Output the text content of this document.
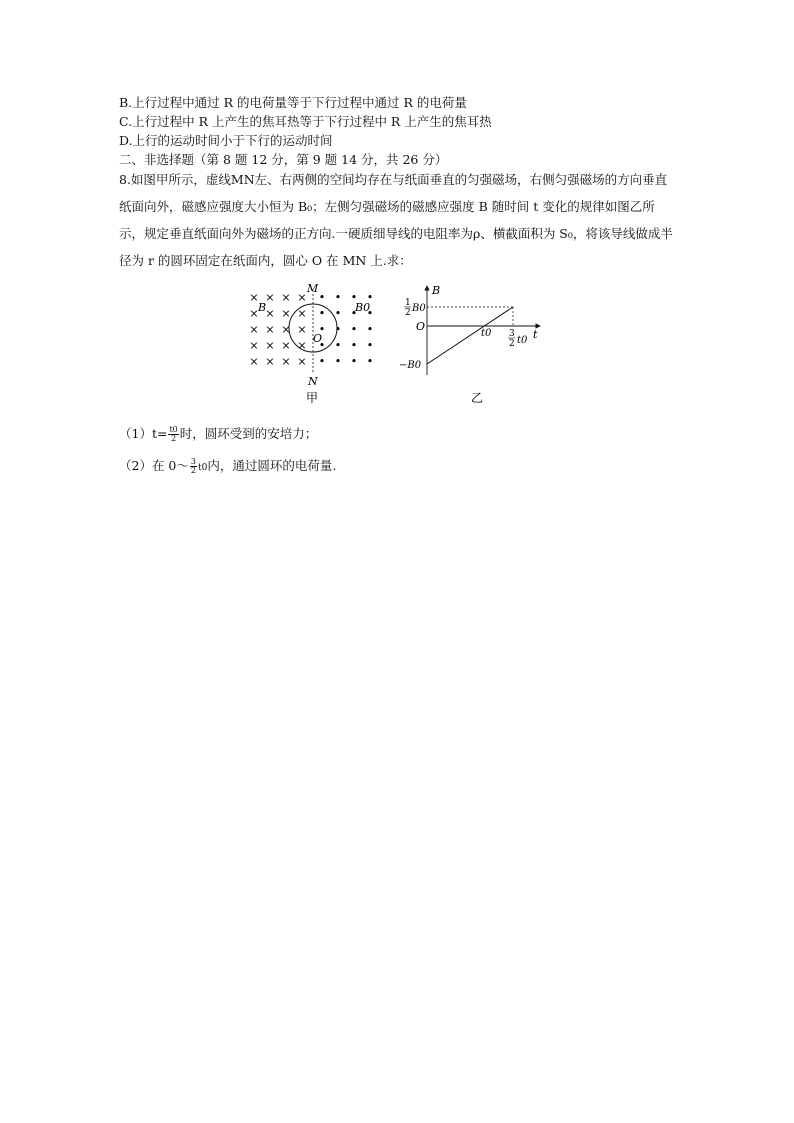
B.上行过程中通过 R 的电荷量等于下行过程中通过 R 的电荷量
C.上行过程中 R 上产生的焦耳热等于下行过程中 R 上产生的焦耳热
D.上行的运动时间小于下行的运动时间
二、非选择题（第 8 题 12 分，第 9 题 14 分，共 26 分）
8.如图甲所示，虚线MN左、右两侧的空间均存在与纸面垂直的匀强磁场，右侧匀强磁场的方向垂直纸面向外，磁感应强度大小恒为 B₀；左侧匀强磁场的磁感应强度 B 随时间 t 变化的规律如图乙所示，规定垂直纸面向外为磁场的正方向.一硬质细导线的电阻率为ρ、横截面积为 S₀，将该导线做成半径为 r 的圆环固定在纸面内，圆心 O 在 MN 上.求：
× × × × • • • •
× × × × • • • •
× × × × • • • •
× × × × • • • •
× × × × • • • •
M
N
O
B	B0
甲
B
t
O
1
2 B0
−B0
t0 3
2 t0
乙
$(1)t= \frac{t0}{2}$ 时，圆环受到的安培力；
（2）在 0～ $\frac{3}{2} t0$内，通过圆环的电荷量.
